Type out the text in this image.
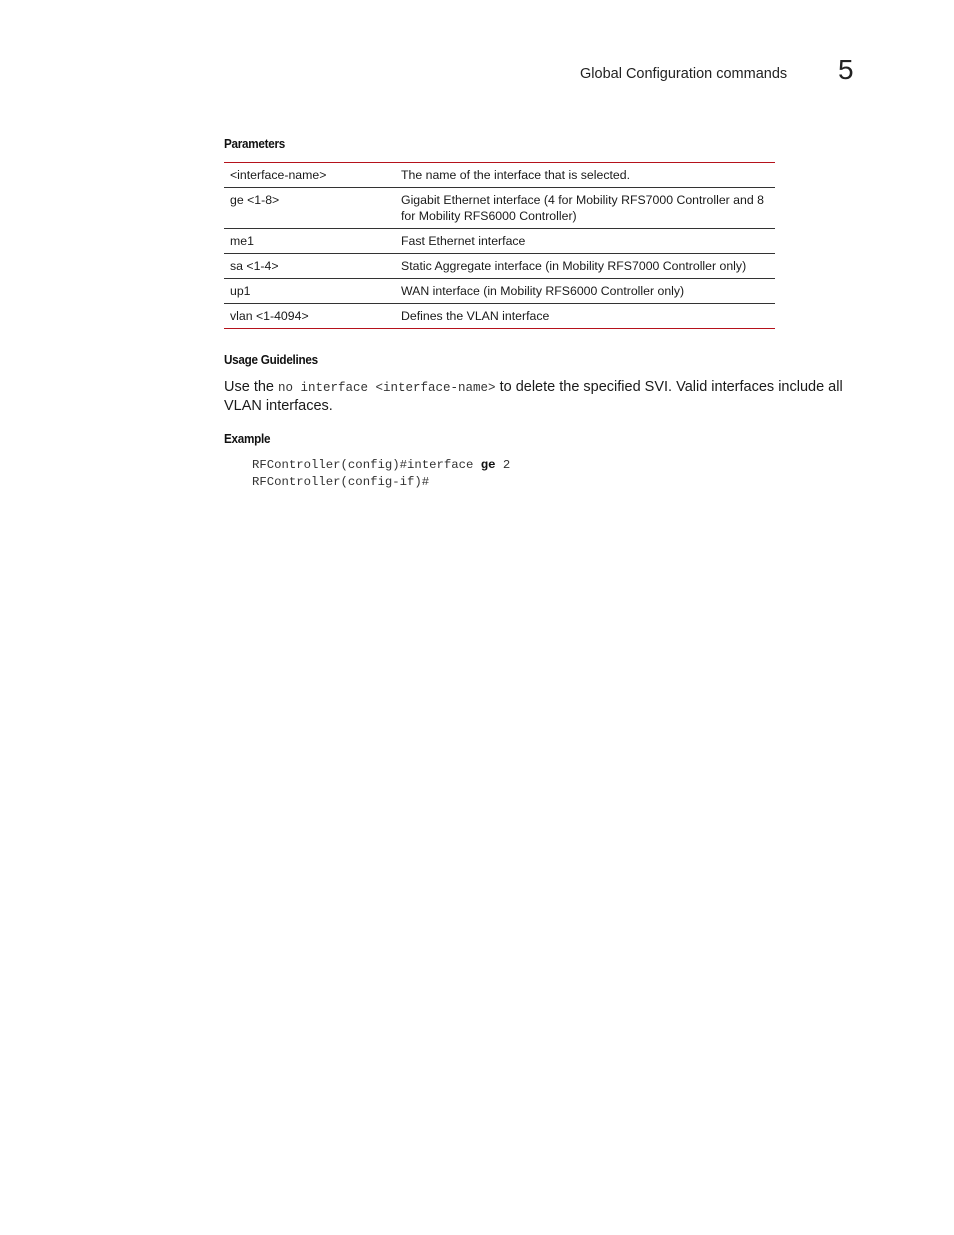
Global Configuration commands 5
Parameters
<interface-name>	The name of the interface that is selected.
ge <1-8>	Gigabit Ethernet interface (4 for Mobility RFS7000 Controller and 8 for Mobility RFS6000 Controller)
me1	Fast Ethernet interface
sa <1-4>	Static Aggregate interface (in Mobility RFS7000 Controller only)
up1	WAN interface (in Mobility RFS6000 Controller only)
vlan <1-4094>	Defines the VLAN interface
Usage Guidelines
Use the no interface <interface-name> to delete the specified SVI. Valid interfaces include all VLAN interfaces.
Example
RFController(config)#interface ge 2
RFController(config-if)#
